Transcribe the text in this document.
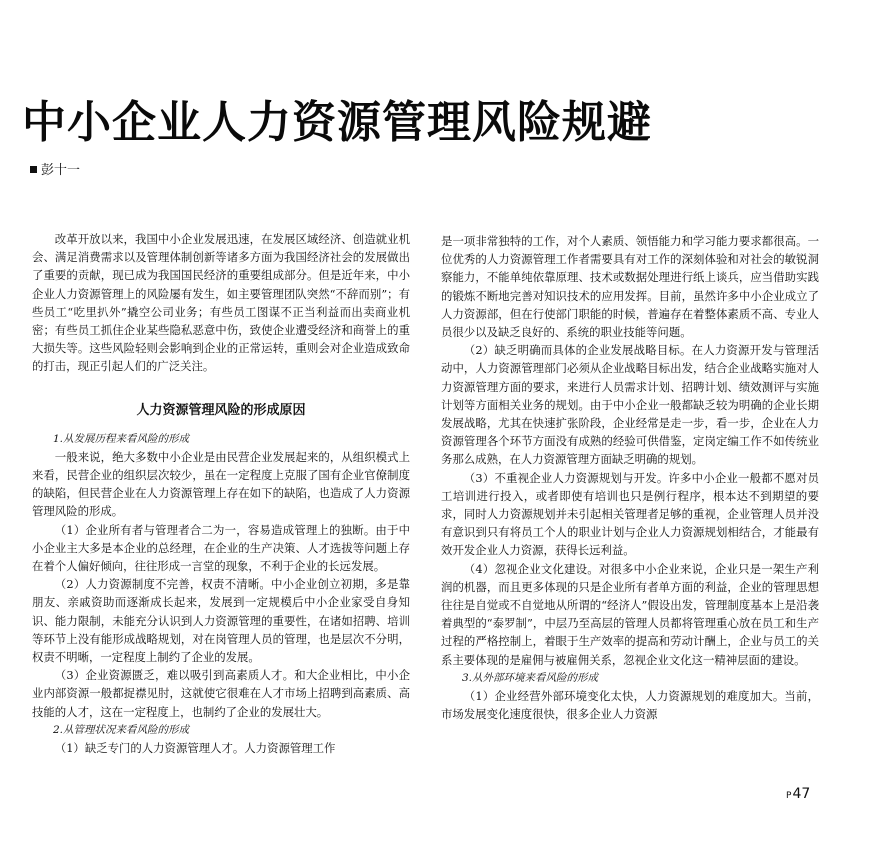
中小企业人力资源管理风险规避
彭十一

改革开放以来，我国中小企业发展迅速，在发展区域经济、创造就业机会、满足消费需求以及管理体制创新等诸多方面为我国经济社会的发展做出了重要的贡献，现已成为我国国民经济的重要组成部分。但是近年来，中小企业人力资源管理上的风险屡有发生，如主要管理团队突然“不辞而别”；有些员工“吃里扒外”撬空公司业务；有些员工图谋不正当利益而出卖商业机密；有些员工抓住企业某些隐私恶意中伤，致使企业遭受经济和商誉上的重大损失等。这些风险轻则会影响到企业的正常运转，重则会对企业造成致命的打击，现正引起人们的广泛关注。

人力资源管理风险的形成原因
1.从发展历程来看风险的形成

一般来说，绝大多数中小企业是由民营企业发展起来的，从组织模式上来看，民营企业的组织层次较少，虽在一定程度上克服了国有企业官僚制度的缺陷，但民营企业在人力资源管理上存在如下的缺陷，也造成了人力资源管理风险的形成。

（1）企业所有者与管理者合二为一，容易造成管理上的独断。由于中小企业主大多是本企业的总经理，在企业的生产决策、人才选拔等问题上存在着个人偏好倾向，往往形成一言堂的现象，不利于企业的长远发展。

（2）人力资源制度不完善，权责不清晰。中小企业创立初期，多是靠朋友、亲戚资助而逐渐成长起来，发展到一定规模后中小企业家受自身知识、能力限制，未能充分认识到人力资源管理的重要性，在诸如招聘、培训等环节上没有能形成战略规划，对在岗管理人员的管理，也是层次不分明，权责不明晰，一定程度上制约了企业的发展。

（3）企业资源匮乏，难以吸引到高素质人才。和大企业相比，中小企业内部资源一般都捉襟见肘，这就使它很难在人才市场上招聘到高素质、高技能的人才，这在一定程度上，也制约了企业的发展壮大。

2.从管理状况来看风险的形成

（1）缺乏专门的人力资源管理人才。人力资源管理工作

是一项非常独特的工作，对个人素质、领悟能力和学习能力要求都很高。一位优秀的人力资源管理工作者需要具有对工作的深刻体验和对社会的敏锐洞察能力，不能单纯依靠原理、技术或数据处理进行纸上谈兵，应当借助实践的锻炼不断地完善对知识技术的应用发挥。目前，虽然许多中小企业成立了人力资源部，但在行使部门职能的时候，普遍存在着整体素质不高、专业人员很少以及缺乏良好的、系统的职业技能等问题。

（2）缺乏明确而具体的企业发展战略目标。在人力资源开发与管理活动中，人力资源管理部门必须从企业战略目标出发，结合企业战略实施对人力资源管理方面的要求，来进行人员需求计划、招聘计划、绩效测评与实施计划等方面相关业务的规划。由于中小企业一般都缺乏较为明确的企业长期发展战略，尤其在快速扩张阶段，企业经常是走一步，看一步，企业在人力资源管理各个环节方面没有成熟的经验可供借鉴，定岗定编工作不如传统业务那么成熟，在人力资源管理方面缺乏明确的规划。

（3）不重视企业人力资源规划与开发。许多中小企业一般都不愿对员工培训进行投入，或者即使有培训也只是例行程序，根本达不到期望的要求，同时人力资源规划并未引起相关管理者足够的重视，企业管理人员并没有意识到只有将员工个人的职业计划与企业人力资源规划相结合，才能最有效开发企业人力资源，获得长远利益。

（4）忽视企业文化建设。对很多中小企业来说，企业只是一架生产利润的机器，而且更多体现的只是企业所有者单方面的利益，企业的管理思想往往是自觉或不自觉地从所谓的“经济人”假设出发，管理制度基本上是沿袭着典型的“泰罗制”，中层乃至高层的管理人员都将管理重心放在员工和生产过程的严格控制上，着眼于生产效率的提高和劳动计酬上，企业与员工的关系主要体现的是雇佣与被雇佣关系，忽视企业文化这一精神层面的建设。

3.从外部环境来看风险的形成

（1）企业经营外部环境变化太快，人力资源规划的难度加大。当前，市场发展变化速度很快，很多企业人力资源

P47
